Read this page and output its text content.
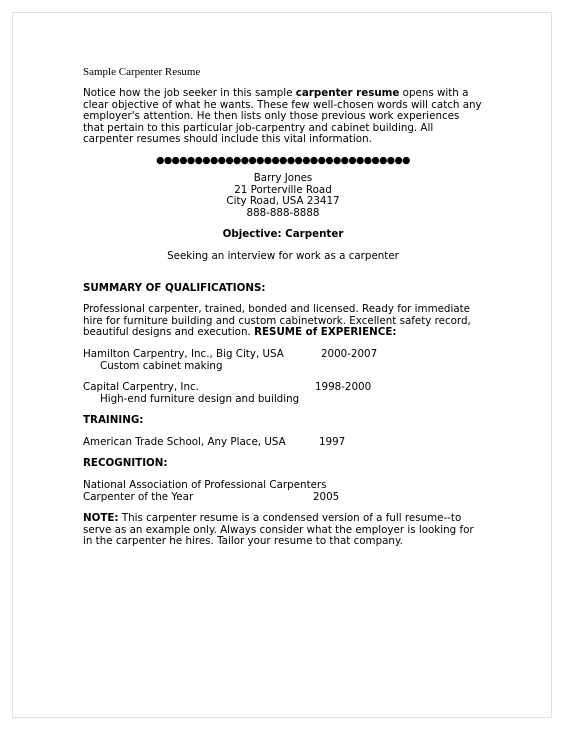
Sample Carpenter Resume
Notice how the job seeker in this sample carpenter resume opens with a clear objective of what he wants. These few well-chosen words will catch any employer's attention. He then lists only those previous work experiences that pertain to this particular job-carpentry and cabinet building. All carpenter resumes should include this vital information.
●●●●●●●●●●●●●●●●●●●●●●●●●●●●●●●●●
Barry Jones
21 Porterville Road
City Road, USA 23417
888-888-8888
Objective: Carpenter
Seeking an interview for work as a carpenter
SUMMARY OF QUALIFICATIONS:
Professional carpenter, trained, bonded and licensed. Ready for immediate hire for furniture building and custom cabinetwork. Excellent safety record, beautiful designs and execution. RESUME of EXPERIENCE:
Hamilton Carpentry, Inc., Big City, USA	2000-2007
Custom cabinet making
Capital Carpentry, Inc.	1998-2000
High-end furniture design and building
TRAINING:
American Trade School, Any Place, USA	1997
RECOGNITION:
National Association of Professional Carpenters
Carpenter of the Year	2005
NOTE: This carpenter resume is a condensed version of a full resume--to serve as an example only. Always consider what the employer is looking for in the carpenter he hires. Tailor your resume to that company.
